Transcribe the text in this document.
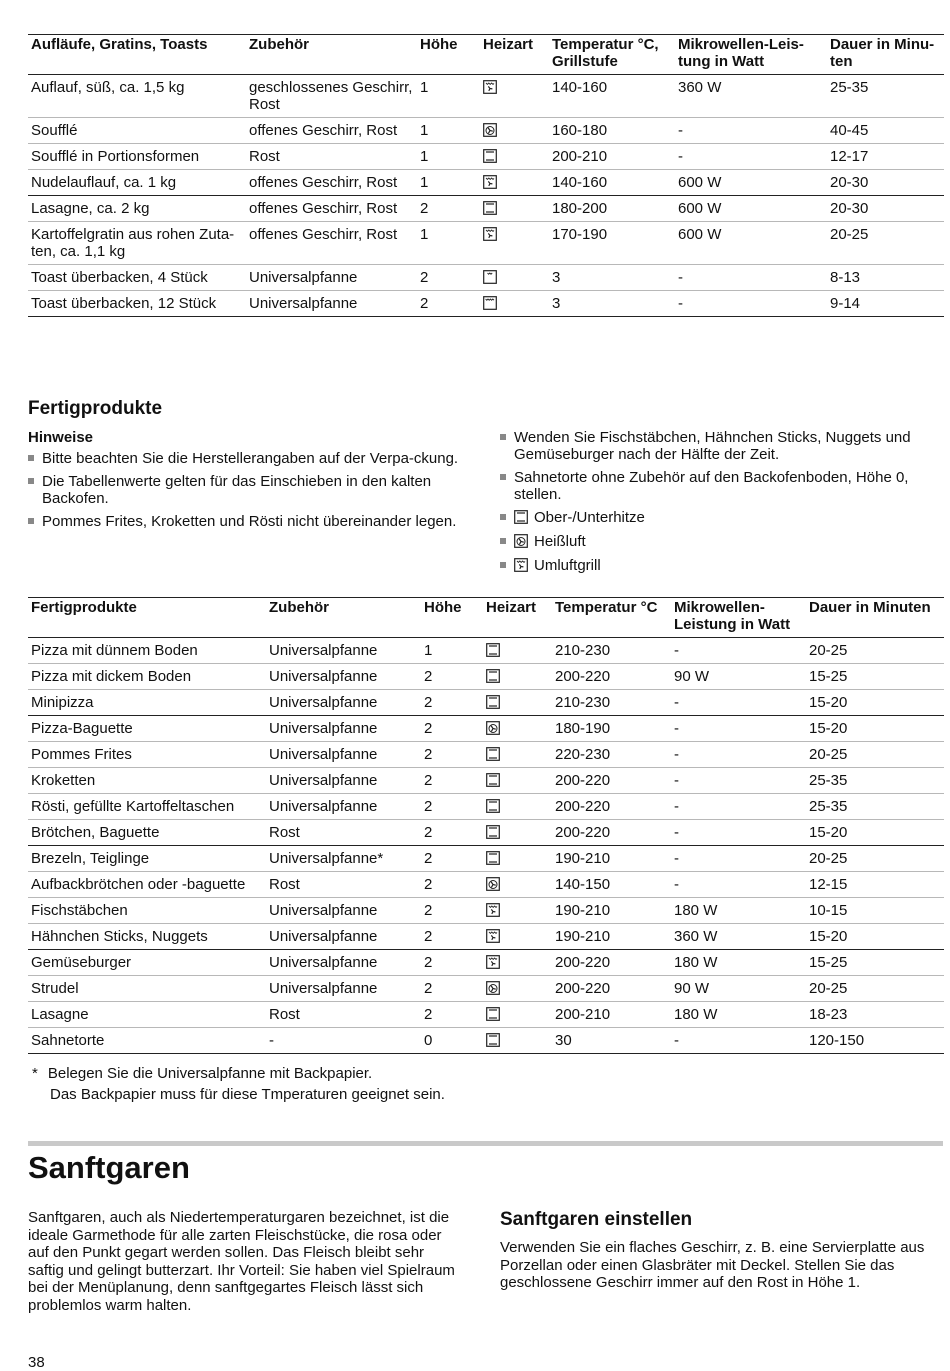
Aufläufe, Gratins, Toasts	Zubehör	Höhe	Heizart	Temperatur °C, Grillstufe	Mikrowellen-Leis-tung in Watt	Dauer in Minu-ten
Auflauf, süß, ca. 1,5 kg	geschlossenes Geschirr, Rost	1		140-160	360 W	25-35
Soufflé	offenes Geschirr, Rost	1		160-180	-	40-45
Soufflé in Portionsformen	Rost	1		200-210	-	12-17
Nudelauflauf, ca. 1 kg	offenes Geschirr, Rost	1		140-160	600 W	20-30
Lasagne, ca. 2 kg	offenes Geschirr, Rost	2		180-200	600 W	20-30
Kartoffelgratin aus rohen Zuta-ten, ca. 1,1 kg	offenes Geschirr, Rost	1		170-190	600 W	20-25
Toast überbacken, 4 Stück	Universalpfanne	2		3	-	8-13
Toast überbacken, 12 Stück	Universalpfanne	2		3	-	9-14
Fertigprodukte
Hinweise
Bitte beachten Sie die Herstellerangaben auf der Verpa-ckung.
Die Tabellenwerte gelten für das Einschieben in den kalten Backofen.
Pommes Frites, Kroketten und Rösti nicht übereinander legen.
Wenden Sie Fischstäbchen, Hähnchen Sticks, Nuggets und Gemüseburger nach der Hälfte der Zeit.
Sahnetorte ohne Zubehör auf den Backofenboden, Höhe 0, stellen.
Ober-/Unterhitze
Heißluft
Umluftgrill
Fertigprodukte	Zubehör	Höhe	Heizart	Temperatur °C	Mikrowellen-Leistung in Watt	Dauer in Minuten
Pizza mit dünnem Boden	Universalpfanne	1		210-230	-	20-25
Pizza mit dickem Boden	Universalpfanne	2		200-220	90 W	15-25
Minipizza	Universalpfanne	2		210-230	-	15-20
Pizza-Baguette	Universalpfanne	2		180-190	-	15-20
Pommes Frites	Universalpfanne	2		220-230	-	20-25
Kroketten	Universalpfanne	2		200-220	-	25-35
Rösti, gefüllte Kartoffeltaschen	Universalpfanne	2		200-220	-	25-35
Brötchen, Baguette	Rost	2		200-220	-	15-20
Brezeln, Teiglinge	Universalpfanne*	2		190-210	-	20-25
Aufbackbrötchen oder -baguette	Rost	2		140-150	-	12-15
Fischstäbchen	Universalpfanne	2		190-210	180 W	10-15
Hähnchen Sticks, Nuggets	Universalpfanne	2		190-210	360 W	15-20
Gemüseburger	Universalpfanne	2		200-220	180 W	15-25
Strudel	Universalpfanne	2		200-220	90 W	20-25
Lasagne	Rost	2		200-210	180 W	18-23
Sahnetorte	-	0		30	-	120-150
* Belegen Sie die Universalpfanne mit Backpapier.
Das Backpapier muss für diese Tmperaturen geeignet sein.
Sanftgaren

Sanftgaren, auch als Niedertemperaturgaren bezeichnet, ist die ideale Garmethode für alle zarten Fleischstücke, die rosa oder auf den Punkt gegart werden sollen. Das Fleisch bleibt sehr saftig und gelingt butterzart. Ihr Vorteil: Sie haben viel Spielraum bei der Menüplanung, denn sanftgegartes Fleisch lässt sich problemlos warm halten.

Sanftgaren einstellen

Verwenden Sie ein flaches Geschirr, z. B. eine Servierplatte aus Porzellan oder einen Glasbräter mit Deckel. Stellen Sie das geschlossene Geschirr immer auf den Rost in Höhe 1.

38
